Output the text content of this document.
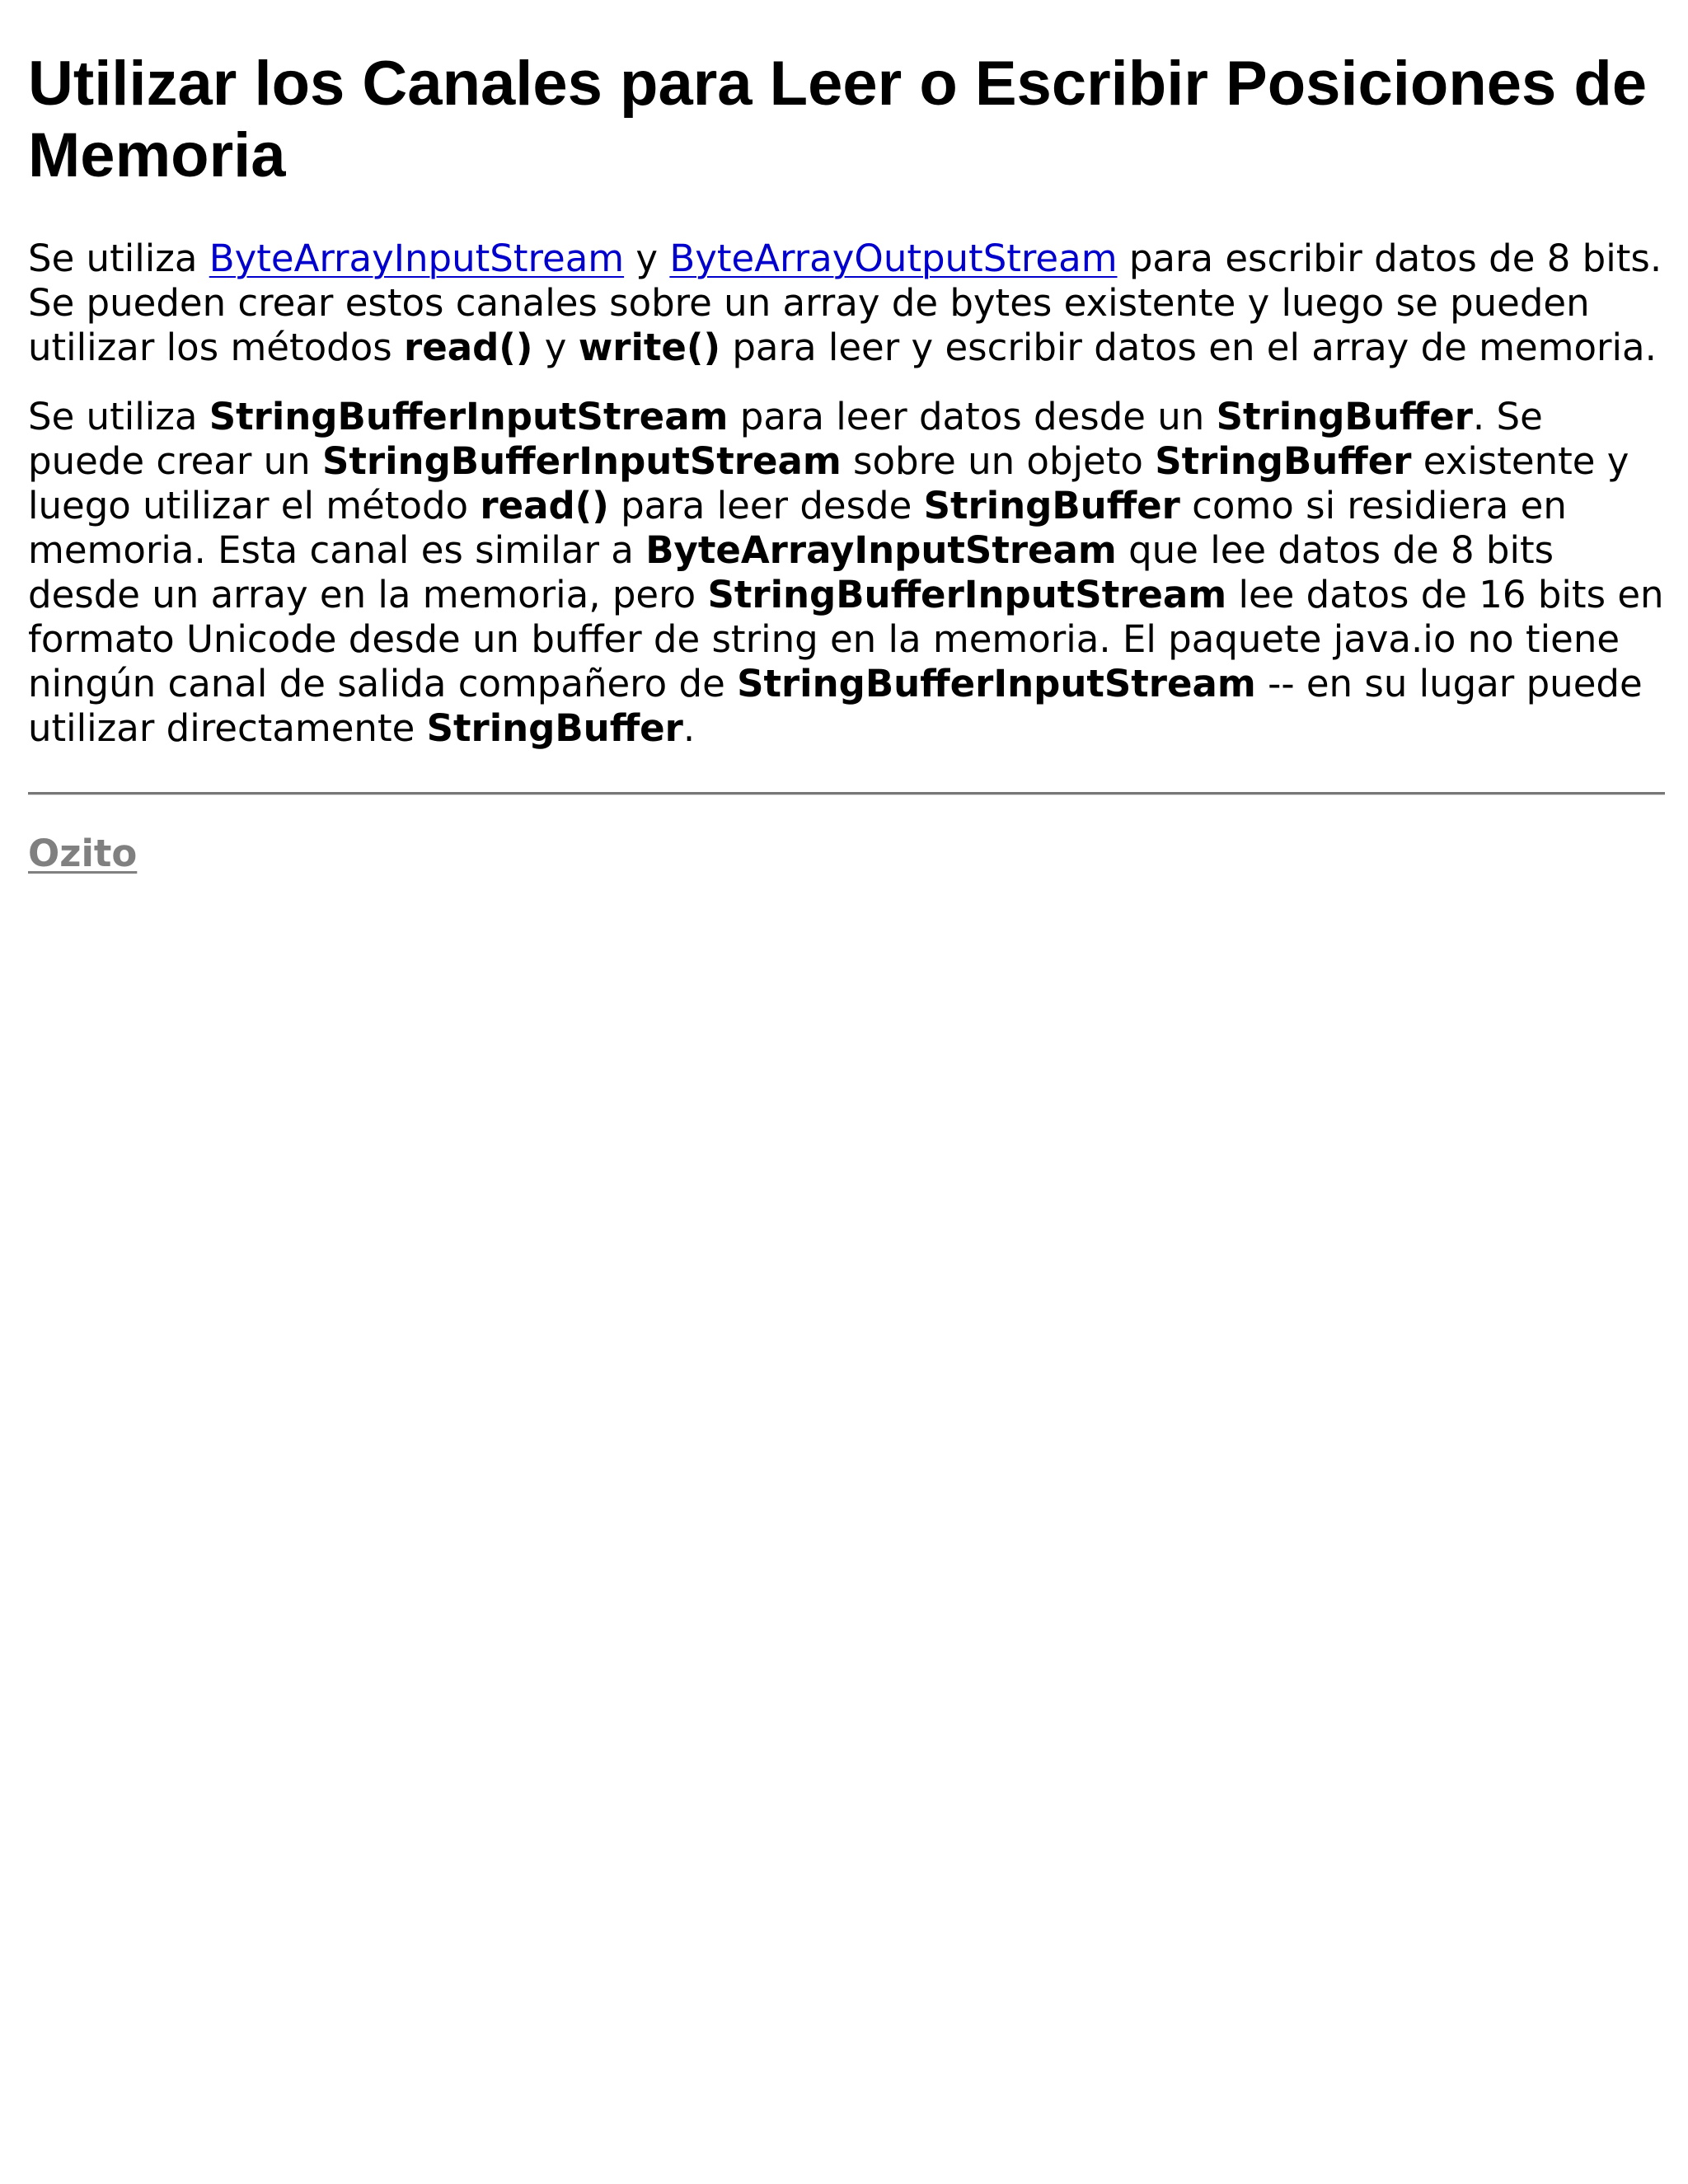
Utilizar los Canales para Leer o Escribir Posiciones de Memoria

Se utiliza ByteArrayInputStream y ByteArrayOutputStream para escribir datos de 8 bits. Se pueden crear estos canales sobre un array de bytes existente y luego se pueden utilizar los métodos read() y write() para leer y escribir datos en el array de memoria.

Se utiliza StringBufferInputStream para leer datos desde un StringBuffer. Se puede crear un StringBufferInputStream sobre un objeto StringBuffer existente y luego utilizar el método read() para leer desde StringBuffer como si residiera en memoria. Esta canal es similar a ByteArrayInputStream que lee datos de 8 bits desde un array en la memoria, pero StringBufferInputStream lee datos de 16 bits en formato Unicode desde un buffer de string en la memoria. El paquete java.io no tiene ningún canal de salida compañero de StringBufferInputStream -- en su lugar puede utilizar directamente StringBuffer.

Ozito
